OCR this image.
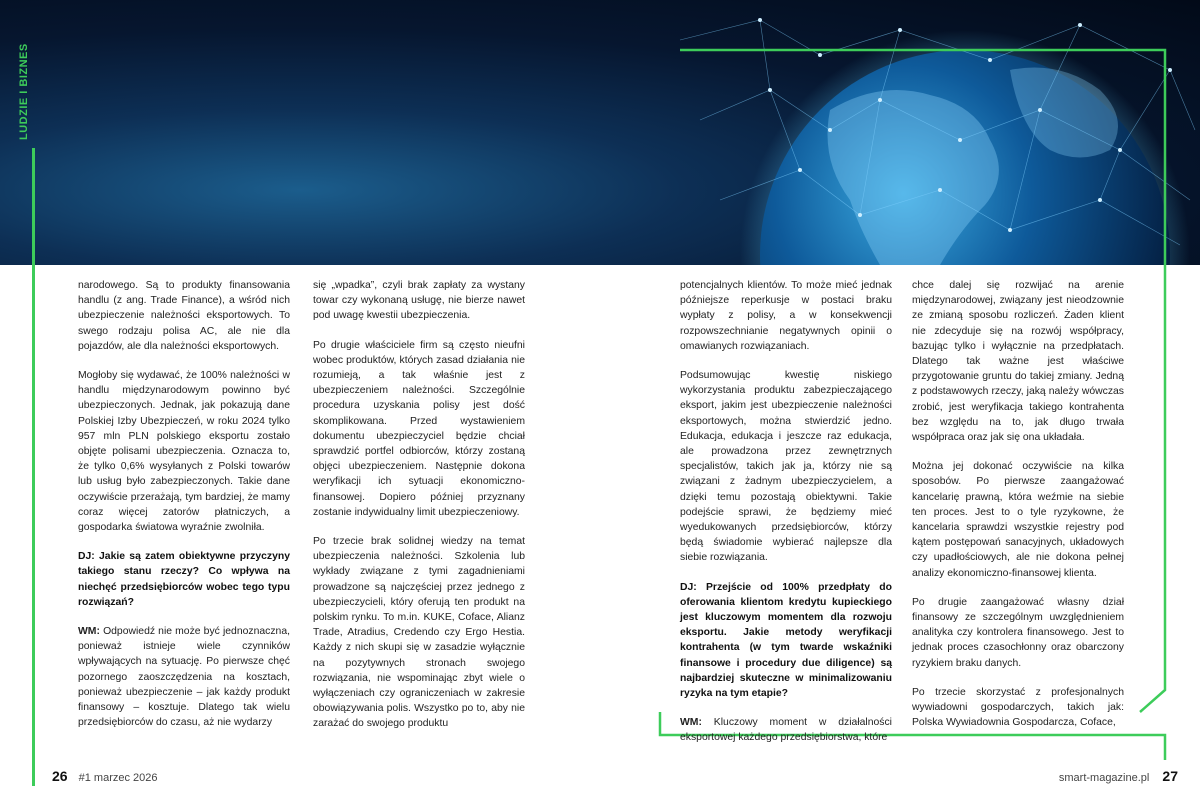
LUDZIE I BIZNES

narodowego. Są to produkty finansowania handlu (z ang. Trade Finance), a wśród nich ubezpieczenie należności eksportowych. To swego rodzaju polisa AC, ale nie dla pojazdów, ale dla należności eksportowych.

Mogłoby się wydawać, że 100% należności w handlu międzynarodowym powinno być ubezpieczonych. Jednak, jak pokazują dane Polskiej Izby Ubezpieczeń, w roku 2024 tylko 957 mln PLN polskiego eksportu zostało objęte polisami ubezpieczenia. Oznacza to, że tylko 0,6% wysyłanych z Polski towarów lub usług było zabezpieczonych. Takie dane oczywiście przerażają, tym bardziej, że mamy coraz więcej zatorów płatniczych, a gospodarka światowa wyraźnie zwolniła.

DJ: Jakie są zatem obiektywne przyczyny takiego stanu rzeczy? Co wpływa na niechęć przedsiębiorców wobec tego typu rozwiązań?

WM: Odpowiedź nie może być jednoznaczna, ponieważ istnieje wiele czynników wpływających na sytuację. Po pierwsze chęć pozornego zaoszczędzenia na kosztach, ponieważ ubezpieczenie – jak każdy produkt finansowy – kosztuje. Dlatego tak wielu przedsiębiorców do czasu, aż nie wydarzy

się „wpadka”, czyli brak zapłaty za wystany towar czy wykonaną usługę, nie bierze nawet pod uwagę kwestii ubezpieczenia.

Po drugie właściciele firm są często nieufni wobec produktów, których zasad działania nie rozumieją, a tak właśnie jest z ubezpieczeniem należności. Szczególnie procedura uzyskania polisy jest dość skomplikowana. Przed wystawieniem dokumentu ubezpieczyciel będzie chciał sprawdzić portfel odbiorców, którzy zostaną objęci ubezpieczeniem. Następnie dokona weryfikacji ich sytuacji ekonomiczno-finansowej. Dopiero później przyznany zostanie indywidualny limit ubezpieczeniowy.

Po trzecie brak solidnej wiedzy na temat ubezpieczenia należności. Szkolenia lub wykłady związane z tymi zagadnieniami prowadzone są najczęściej przez jednego z ubezpieczycieli, który oferują ten produkt na polskim rynku. To m.in. KUKE, Coface, Alianz Trade, Atradius, Credendo czy Ergo Hestia. Każdy z nich skupi się w zasadzie wyłącznie na pozytywnych stronach swojego rozwiązania, nie wspominając zbyt wiele o wyłączeniach czy ograniczeniach w zakresie obowiązywania polis. Wszystko po to, aby nie zarażać do swojego produktu

potencjalnych klientów. To może mieć jednak późniejsze reperkusje w postaci braku wypłaty z polisy, a w konsekwencji rozpowszechnianie negatywnych opinii o omawianych rozwiązaniach.

Podsumowując kwestię niskiego wykorzystania produktu zabezpieczającego eksport, jakim jest ubezpieczenie należności eksportowych, można stwierdzić jedno. Edukacja, edukacja i jeszcze raz edukacja, ale prowadzona przez zewnętrznych specjalistów, takich jak ja, którzy nie są związani z żadnym ubezpieczycielem, a dzięki temu pozostają obiektywni. Takie podejście sprawi, że będziemy mieć wyedukowanych przedsiębiorców, którzy będą świadomie wybierać najlepsze dla siebie rozwiązania.

DJ: Przejście od 100% przedpłaty do oferowania klientom kredytu kupieckiego jest kluczowym momentem dla rozwoju eksportu. Jakie metody weryfikacji kontrahenta (w tym twarde wskaźniki finansowe i procedury due diligence) są najbardziej skuteczne w minimalizowaniu ryzyka na tym etapie?

WM: Kluczowy moment w działalności eksportowej każdego przedsiębiorstwa, które

chce dalej się rozwijać na arenie międzynarodowej, związany jest nieodzownie ze zmianą sposobu rozliczeń. Żaden klient nie zdecyduje się na rozwój współpracy, bazując tylko i wyłącznie na przedpłatach. Dlatego tak ważne jest właściwe przygotowanie gruntu do takiej zmiany. Jedną z podstawowych rzeczy, jaką należy wówczas zrobić, jest weryfikacja takiego kontrahenta bez względu na to, jak długo trwała współpraca oraz jak się ona układała.

Można jej dokonać oczywiście na kilka sposobów. Po pierwsze zaangażować kancelarię prawną, która weźmie na siebie ten proces. Jest to o tyle ryzykowne, że kancelaria sprawdzi wszystkie rejestry pod kątem postępowań sanacyjnych, układowych czy upadłościowych, ale nie dokona pełnej analizy ekonomiczno-finansowej klienta.

Po drugie zaangażować własny dział finansowy ze szczególnym uwzględnieniem analityka czy kontrolera finansowego. Jest to jednak proces czasochłonny oraz obarczony ryzykiem braku danych.

Po trzecie skorzystać z profesjonalnych wywiadowni gospodarczych, takich jak: Polska Wywiadownia Gospodarcza, Coface,

26 #1 marzec 2026	smart-magazine.pl 27
